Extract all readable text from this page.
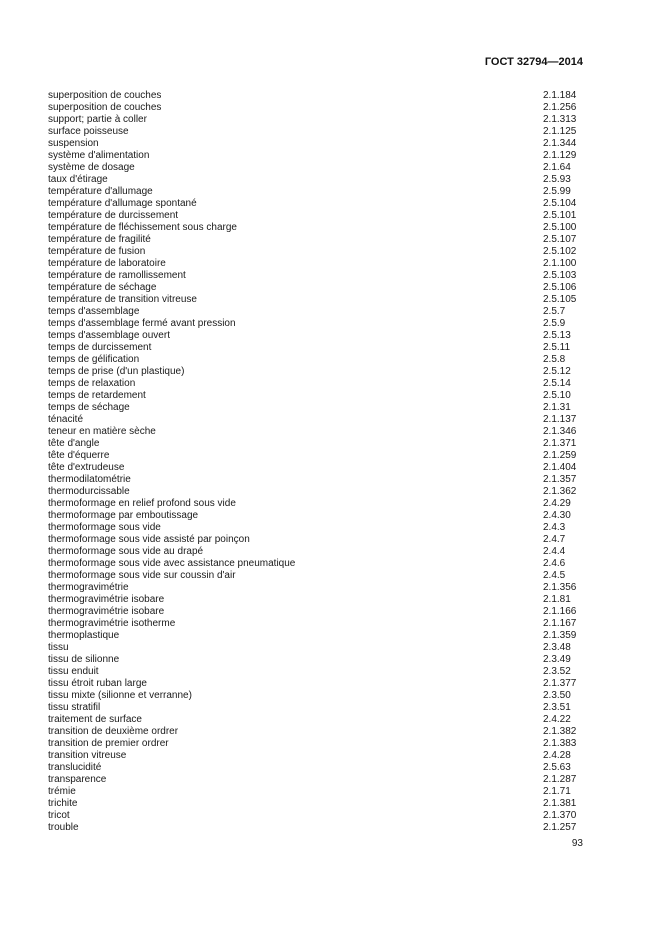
ГОСТ 32794—2014
superposition de couches	2.1.184
superposition de couches	2.1.256
support; partie à coller	2.1.313
surface poisseuse	2.1.125
suspension	2.1.344
système d'alimentation	2.1.129
système de dosage	2.1.64
taux d'étirage	2.5.93
température d'allumage	2.5.99
température d'allumage spontané	2.5.104
température de durcissement	2.5.101
température de fléchissement sous charge	2.5.100
température de fragilité	2.5.107
température de fusion	2.5.102
température de laboratoire	2.1.100
température de ramollissement	2.5.103
température de séchage	2.5.106
température de transition vitreuse	2.5.105
temps d'assemblage	2.5.7
temps d'assemblage fermé avant pression	2.5.9
temps d'assemblage ouvert	2.5.13
temps de durcissement	2.5.11
temps de gélification	2.5.8
temps de prise (d'un plastique)	2.5.12
temps de relaxation	2.5.14
temps de retardement	2.5.10
temps de séchage	2.1.31
ténacité	2.1.137
teneur en matière sèche	2.1.346
tête d'angle	2.1.371
tête d'équerre	2.1.259
tête d'extrudeuse	2.1.404
thermodilatométrie	2.1.357
thermodurcissable	2.1.362
thermoformage en relief profond sous vide	2.4.29
thermoformage par emboutissage	2.4.30
thermoformage sous vide	2.4.3
thermoformage sous vide assisté par poinçon	2.4.7
thermoformage sous vide au drapé	2.4.4
thermoformage sous vide avec assistance pneumatique	2.4.6
thermoformage sous vide sur coussin d'air	2.4.5
thermogravimétrie	2.1.356
thermogravimétrie isobare	2.1.81
thermogravimétrie isobare	2.1.166
thermogravimétrie isotherme	2.1.167
thermoplastique	2.1.359
tissu	2.3.48
tissu de silionne	2.3.49
tissu enduit	2.3.52
tissu étroit ruban large	2.1.377
tissu mixte (silionne et verranne)	2.3.50
tissu stratifil	2.3.51
traitement de surface	2.4.22
transition de deuxième ordrer	2.1.382
transition de premier ordrer	2.1.383
transition vitreuse	2.4.28
translucidité	2.5.63
transparence	2.1.287
trémie	2.1.71
trichite	2.1.381
tricot	2.1.370
trouble	2.1.257
93
